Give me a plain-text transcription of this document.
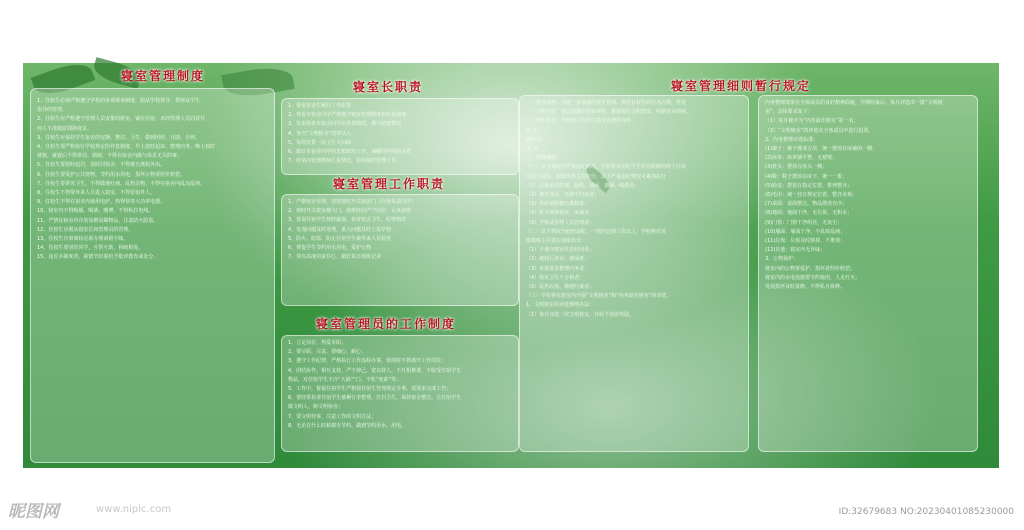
寝室管理制度
1、住校生必须严格遵守学校的各项规章制度，服从学校领导、教师及学生
指导的管理。
2、住校生应严格遵守管理人员安排的寝室，铺位住宿，未经管理人员同意任
何人不准随意调换寝室。
3、住校生应保持学生宿舍的安静、整洁、卫生，做到团结、互助、自律。
4、住校生要严格执行学校规定的作息制度，早上按时起床、整理内务，晚上按时
就寝，就寝后不得讲话、嬉闹，不得在宿舍内做与休息无关的事。
5、住校生要按时起居，按时回宿舍，不得擅自离校外出。
6、住校生要爱护公共财物，节约用水用电，损坏公物要照价赔偿。
7、住校生要讲究卫生，不得随地吐痰、乱扔杂物，不得在宿舍内乱涂乱画。
8、住校生不得带外来人员进入寝室，不得留宿外人。
9、住校生不得在宿舍内使用电炉、热得快等大功率电器。
10、寝室内不得吸烟、喝酒、赌博，不得私拉电线。
11、严禁在宿舍内存放易燃易爆物品，注意防火防盗。
12、住校生应服从寝室长和管理员的管理。
13、住校生有事离校必须办理请假手续。
14、住校生要团结同学，互帮互助，和睦相处。
15、违反本制度者，视情节轻重给予批评教育或处分。
1、督促宿舍生履行工作职责
2、督促本宿舍同学严格遵守寝室管理制度和作息制度
3、负责检查本宿舍同学的各项情况，遵守制度情况
4、争当“文明宿舍”的带头人
5、每周安排一次卫生大扫除
6、做好本宿舍同学的思想政治工作，调解同学间的矛盾
7、经常向管理教师汇报情况，协助搞好管理工作
寝室长职责
寝室管理工作职责
1、严格宿舍管理，坚持按时开关宿舍门（内务负责同学）
2、按时开关寝室楼大门，值班时间严守岗位，认真值班
3、督促住宿学生按时就寝，检查宿舍卫生、纪律情况
4、发现问题及时处理，重大问题及时上报学校
5、防火、防盗、防止住宿学生被外来人员侵害
6、督促学生节约用水用电，爱护公物
7、要有高度的责任心，做好每日值班记录
寝室管理员的工作制度
1、立足岗位，热爱本职；
2、要尽职，尽责，要细心，耐心；
3、遵守工作纪律，严格执行工作流程办事，值岗时不得离开工作岗位；
4、团结协作，相互支持，严于律己，宽以待人，不互相推诿，不收受住宿学生
物品，对住宿学生不冷“大锅”“门、不吃“死索”等；
5、工作中，督促住宿学生严格按住宿生管理规定办事，按要求完成工作；
6、要经常检查住宿学生被褥行李整理，打扫卫生，保持宿舍整洁，让住宿学生
做文明人，树文明宿舍；
7、要文明待客，注意工作的文明方法；
8、无论在什么时候都有节约，做到节约用水、用电。
寝室管理细则暂行规定
一、指导思想：为进一步加强住校生管理，规范日校生的行为习惯，营造
一个文明守纪、整洁温馨的住宿环境，推进校园文明建设，特制定本细则。
二、组织领导：学校成立住校生寝室管理领导组
组 长：
副组长：
成 员：
三、管理细则：
（一）以下情况为严重违纪情况，学校将对违纪学生所在班级的班主任每
日进行通报，扣除该班主任积分。以下严重违纪情况可累加扣分
（1）在寝室内打架、起哄、嬉闹、抽烟、喝酒者；
（2）擅自外出，无故不归宿者；
（3）未经请假擅自离校者；
（4）私自调换寝室、床铺者；
（5）不服从管理人员管理者；
（二）以下情况为较轻违纪，一周内达到三次以上，学校将对该
班级班主任进行通报扣分：
（1）不遵守寝室作息时间者；
（2）就寝后讲话、嬉闹者；
（3）未按要求整理内务者；
（4）寝室卫生不合格者；
（5）乱扔垃圾、随地吐痰者；
（三）学校将在寝室内开展“文明寝室”和“内务最佳寝室”的评选。
1、文明寝室的评选规则办法：
（1）每月评选一次文明寝室，并给予表彰奖励。
内务整理效果在全体成员的良好精神面貌，学期结束后，每月评选出一批“文明寝
室”，具体要求如下：
（1）每月被评为“内务最佳寝室”第一名；
（2）“文明寝室”的评选在全体成员中进行投票。
2、内务整理评选标准：
(1)被子：被子叠成方块，统一摆放在床铺的一侧；
(2)床单：床单铺平整，无褶皱；
(3)枕头：摆放在床头一侧；
(4)鞋：鞋子摆放在床下，统一一排；
(5)脸盆：摆放在指定位置，排列整齐；
(6)毛巾：统一挂在规定位置，整齐美观；
(7)桌面：桌面整洁，物品摆放有序；
(8)地面：地面干净，无垃圾，无积水；
(9)门窗：门窗干净明亮，无灰尘；
(10)墙面：墙面干净，不乱贴乱画；
(11)垃圾：垃圾及时倒掉，不堆放；
(12)其他：寝室内无异味；
3、公物保护：
寝室内的公物要爱护，损坏者照价赔偿；
寝室内的水电设施要节约使用，人走灯灭；
发现损坏及时报修，不得私自拆修。
昵图网	www.nipic.com	ID:32679683 NO:20230401085230000
